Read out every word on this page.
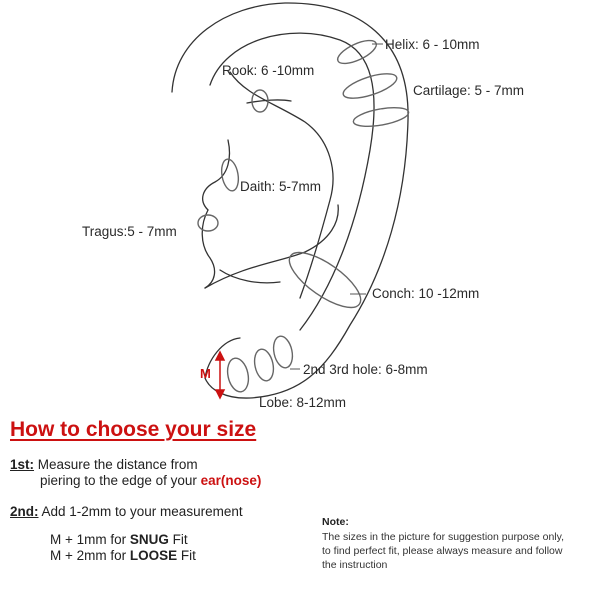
Helix: 6 - 10mm
Rook: 6 -10mm
Cartilage: 5 - 7mm
Daith: 5-7mm
Tragus:5 - 7mm
Conch: 10 -12mm
2nd 3rd hole: 6-8mm
Lobe: 8-12mm
M
How to choose your size
1st: Measure the distance from
piering to the edge of your ear(nose)
2nd: Add 1-2mm to your measurement
M + 1mm for SNUG Fit
M + 2mm for LOOSE Fit
Note:
The sizes in the picture for suggestion purpose only,
to find perfect fit, please always measure and follow
the instruction
